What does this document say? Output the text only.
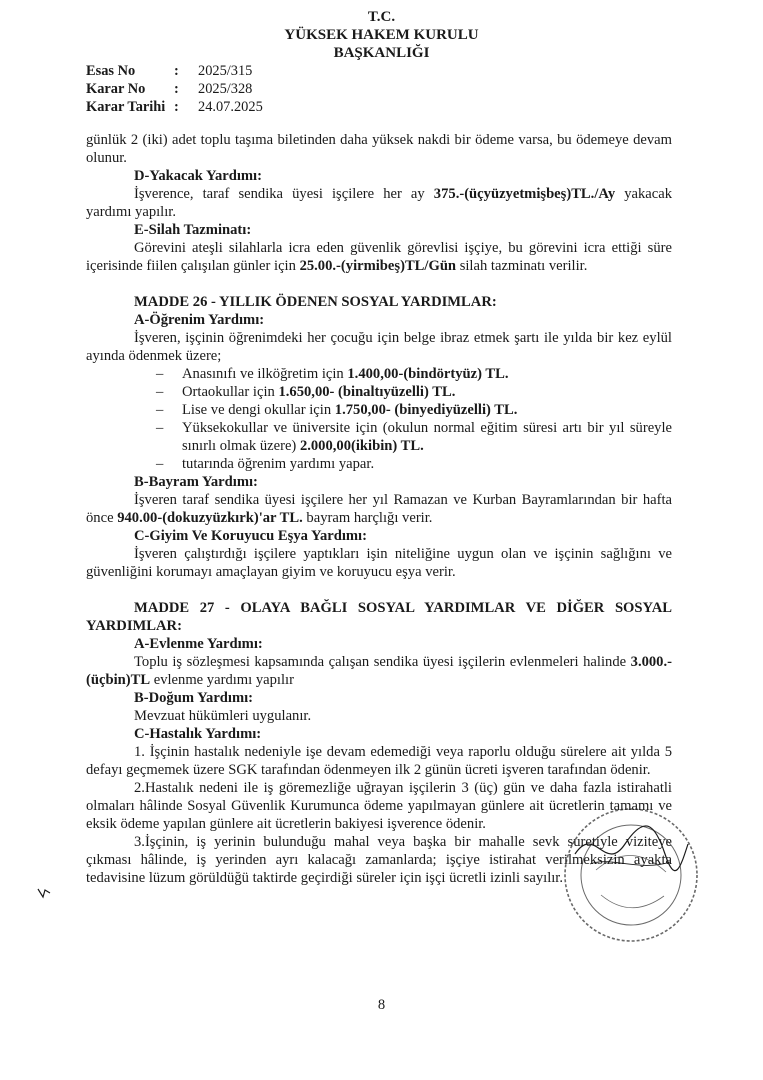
T.C.
YÜKSEK HAKEM KURULU
BAŞKANLIĞI
Esas No	:	2025/315
Karar No	:	2025/328
Karar Tarihi :	24.07.2025

günlük 2 (iki) adet toplu taşıma biletinden daha yüksek nakdi bir ödeme varsa, bu ödemeye devam olunur.

D-Yakacak Yardımı:

İşverence, taraf sendika üyesi işçilere her ay 375.-(üçyüzyetmişbeş)TL./Ay yakacak yardımı yapılır.

E-Silah Tazminatı:

Görevini ateşli silahlarla icra eden güvenlik görevlisi işçiye, bu görevini icra ettiği süre içerisinde fiilen çalışılan günler için 25.00.-(yirmibeş)TL/Gün silah tazminatı verilir.

MADDE 26 - YILLIK ÖDENEN SOSYAL YARDIMLAR:

A-Öğrenim Yardımı:

İşveren, işçinin öğrenimdeki her çocuğu için belge ibraz etmek şartı ile yılda bir kez eylül ayında ödenmek üzere;

– Anasınıfı ve ilköğretim için 1.400,00-(bindörtyüz) TL.
– Ortaokullar için 1.650,00- (binaltıyüzelli) TL.
– Lise ve dengi okullar için 1.750,00- (binyediyüzelli) TL.
– Yüksekokullar ve üniversite için (okulun normal eğitim süresi artı bir yıl süreyle sınırlı olmak üzere) 2.000,00(ikibin) TL.
– tutarında öğrenim yardımı yapar.

B-Bayram Yardımı:

İşveren taraf sendika üyesi işçilere her yıl Ramazan ve Kurban Bayramlarından bir hafta önce 940.00-(dokuzyüzkırk)'ar TL. bayram harçlığı verir.

C-Giyim Ve Koruyucu Eşya Yardımı:

İşveren çalıştırdığı işçilere yaptıkları işin niteliğine uygun olan ve işçinin sağlığını ve güvenliğini korumayı amaçlayan giyim ve koruyucu eşya verir.

MADDE 27 - OLAYA BAĞLI SOSYAL YARDIMLAR VE DİĞER SOSYAL YARDIMLAR:

A-Evlenme Yardımı:

Toplu iş sözleşmesi kapsamında çalışan sendika üyesi işçilerin evlenmeleri halinde 3.000.-(üçbin)TL evlenme yardımı yapılır

B-Doğum Yardımı:

Mevzuat hükümleri uygulanır.

C-Hastalık Yardımı:

1. İşçinin hastalık nedeniyle işe devam edemediği veya raporlu olduğu sürelere ait yılda 5 defayı geçmemek üzere SGK tarafından ödenmeyen ilk 2 günün ücreti işveren tarafından ödenir.

2.Hastalık nedeni ile iş göremezliğe uğrayan işçilerin 3 (üç) gün ve daha fazla istirahatli olmaları hâlinde Sosyal Güvenlik Kurumunca ödeme yapılmayan günlere ait ücretlerin tamamı ve eksik ödeme yapılan günlere ait ücretlerin bakiyesi işverence ödenir.

3.İşçinin, iş yerinin bulunduğu mahal veya başka bir mahalle sevk suretiyle viziteye çıkması hâlinde, iş yerinden ayrı kalacağı zamanlarda; işçiye istirahat verilmeksizin ayakta tedavisine lüzum görüldüğü taktirde geçirdiği süreler için işçi ücretli izinli sayılır.

8
